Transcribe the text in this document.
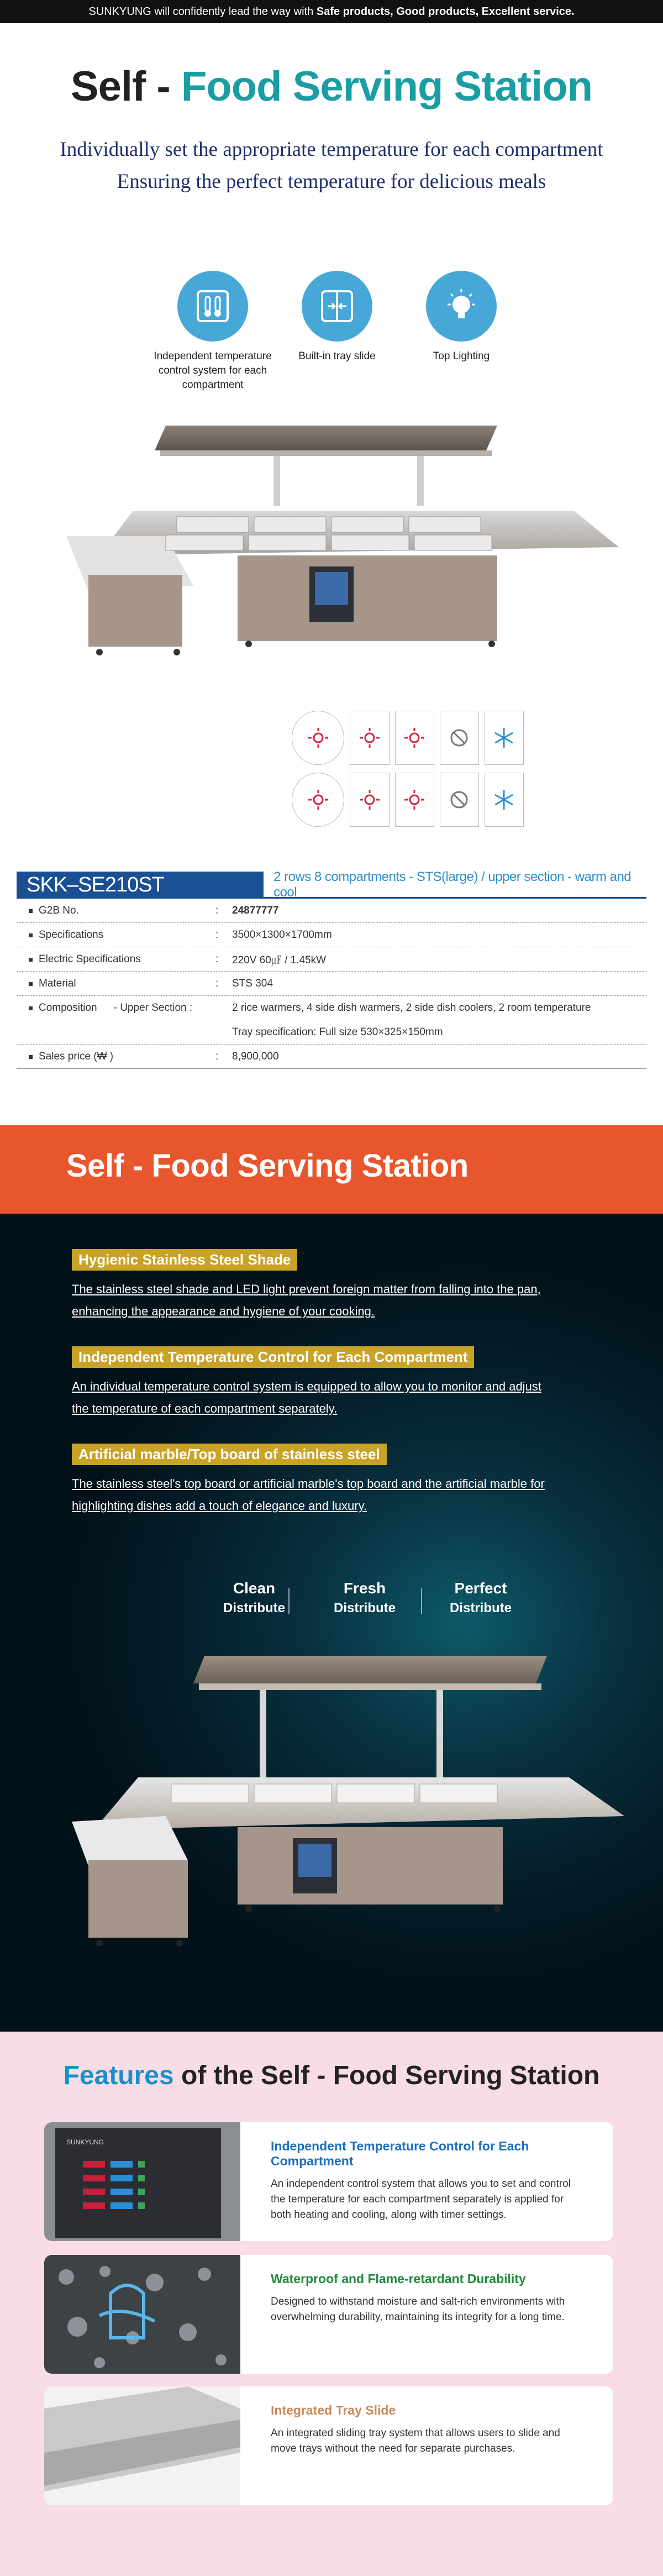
SUNKYUNG will confidently lead the way with Safe products, Good products, Excellent service.
Self - Food Serving Station
Individually set the appropriate temperature for each compartment
Ensuring the perfect temperature for delicious meals
Independent temperature control system for each compartment
Built-in tray slide	Top Lighting
SKK–SE210ST	2 rows 8 compartments - STS(large) / upper section - warm and cool
G2B No.	:	24877777
Specifications	:	3500×1300×1700mm
Electric Specifications	:	220V 60㎌ / 1.45kW
Material	:	STS 304
Composition - Upper Section :	2 rice warmers, 4 side dish warmers, 2 side dish coolers, 2 room temperature
Tray specification: Full size 530×325×150mm
Sales price (₩ )	:	8,900,000
Self - Food Serving Station
Hygienic Stainless Steel Shade
The stainless steel shade and LED light prevent foreign matter from falling into the pan,
enhancing the appearance and hygiene of your cooking.
Independent Temperature Control for Each Compartment
An individual temperature control system is equipped to allow you to monitor and adjust
the temperature of each compartment separately.
Artificial marble/Top board of stainless steel
The stainless steel's top board or artificial marble's top board and the artificial marble for
highlighting dishes add a touch of elegance and luxury.
Clean
Distribute
Fresh
Distribute
Perfect
Distribute
Features of the Self - Food Serving Station
SUNKYUNG	Independent Temperature Control for Each Compartment
An independent control system that allows you to set and control the temperature for each compartment separately is applied for both heating and cooling, along with timer settings.
Waterproof and Flame-retardant Durability
Designed to withstand moisture and salt-rich environments with overwhelming durability, maintaining its integrity for a long time.
Integrated Tray Slide
An integrated sliding tray system that allows users to slide and move trays without the need for separate purchases.
